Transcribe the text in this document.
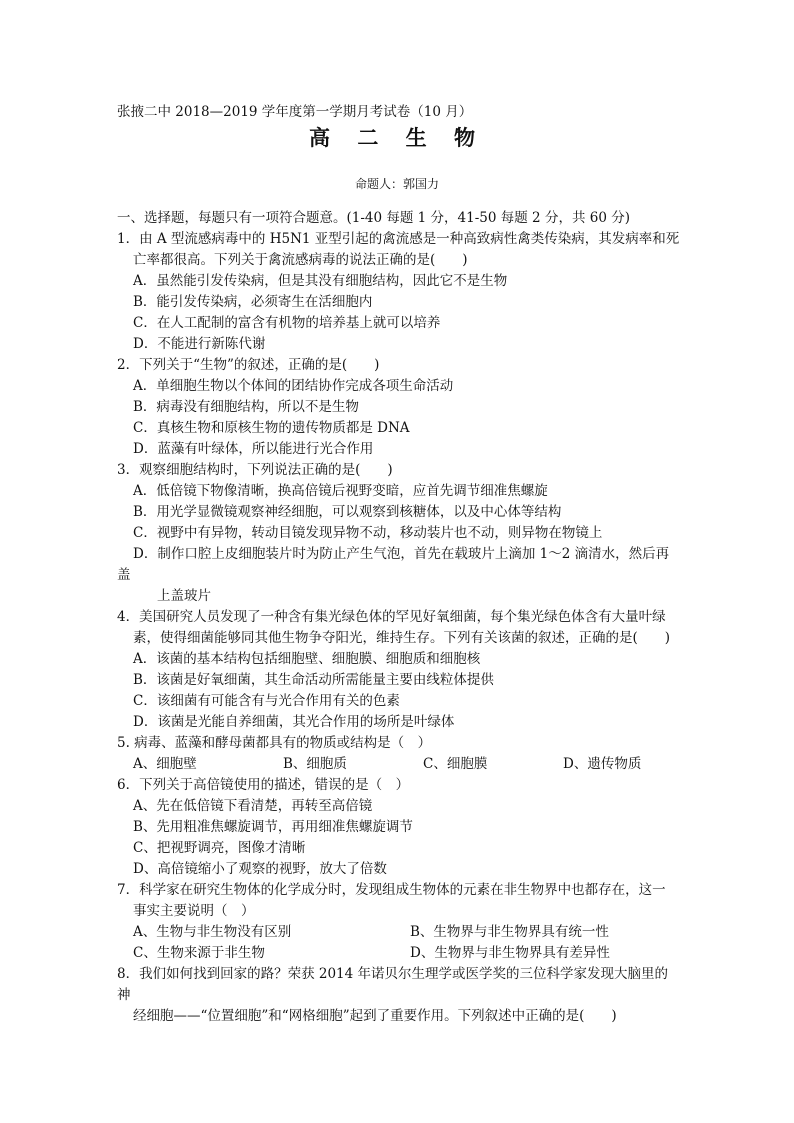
张掖二中 2018—2019 学年度第一学期月考试卷（10 月）
高 二 生 物
命题人：郭国力
一、选择题，每题只有一项符合题意。(1-40 每题 1 分，41-50 每题 2 分，共 60 分)
1．由 A 型流感病毒中的 H5N1 亚型引起的禽流感是一种高致病性禽类传染病，其发病率和死
亡率都很高。下列关于禽流感病毒的说法正确的是(　　)
A．虽然能引发传染病，但是其没有细胞结构，因此它不是生物
B．能引发传染病，必须寄生在活细胞内
C．在人工配制的富含有机物的培养基上就可以培养
D．不能进行新陈代谢
2．下列关于“生物”的叙述，正确的是(　　)
A．单细胞生物以个体间的团结协作完成各项生命活动
B．病毒没有细胞结构，所以不是生物
C．真核生物和原核生物的遗传物质都是 DNA
D．蓝藻有叶绿体，所以能进行光合作用
3．观察细胞结构时，下列说法正确的是(　　)
A．低倍镜下物像清晰，换高倍镜后视野变暗，应首先调节细准焦螺旋
B．用光学显微镜观察神经细胞，可以观察到核糖体，以及中心体等结构
C．视野中有异物，转动目镜发现异物不动，移动装片也不动，则异物在物镜上
D．制作口腔上皮细胞装片时为防止产生气泡，首先在载玻片上滴加 1～2 滴清水，然后再
盖
上盖玻片
4．美国研究人员发现了一种含有集光绿色体的罕见好氧细菌，每个集光绿色体含有大量叶绿
素，使得细菌能够同其他生物争夺阳光，维持生存。下列有关该菌的叙述，正确的是(　　)
A．该菌的基本结构包括细胞壁、细胞膜、细胞质和细胞核
B．该菌是好氧细菌，其生命活动所需能量主要由线粒体提供
C．该细菌有可能含有与光合作用有关的色素
D．该菌是光能自养细菌，其光合作用的场所是叶绿体
5. 病毒、蓝藻和酵母菌都具有的物质或结构是（　）
A、细胞壁	B、细胞质	C、细胞膜	D、遗传物质
6．下列关于高倍镜使用的描述，错误的是（　）
A、先在低倍镜下看清楚，再转至高倍镜
B、先用粗准焦螺旋调节，再用细准焦螺旋调节
C、把视野调亮，图像才清晰
D、高倍镜缩小了观察的视野，放大了倍数
7．科学家在研究生物体的化学成分时，发现组成生物体的元素在非生物界中也都存在，这一
事实主要说明（　）
A、生物与非生物没有区别	B、生物界与非生物界具有统一性
C、生物来源于非生物	D、生物界与非生物界具有差异性
8．我们如何找到回家的路？荣获 2014 年诺贝尔生理学或医学奖的三位科学家发现大脑里的
神
经细胞——“位置细胞”和“网格细胞”起到了重要作用。下列叙述中正确的是(　　)
